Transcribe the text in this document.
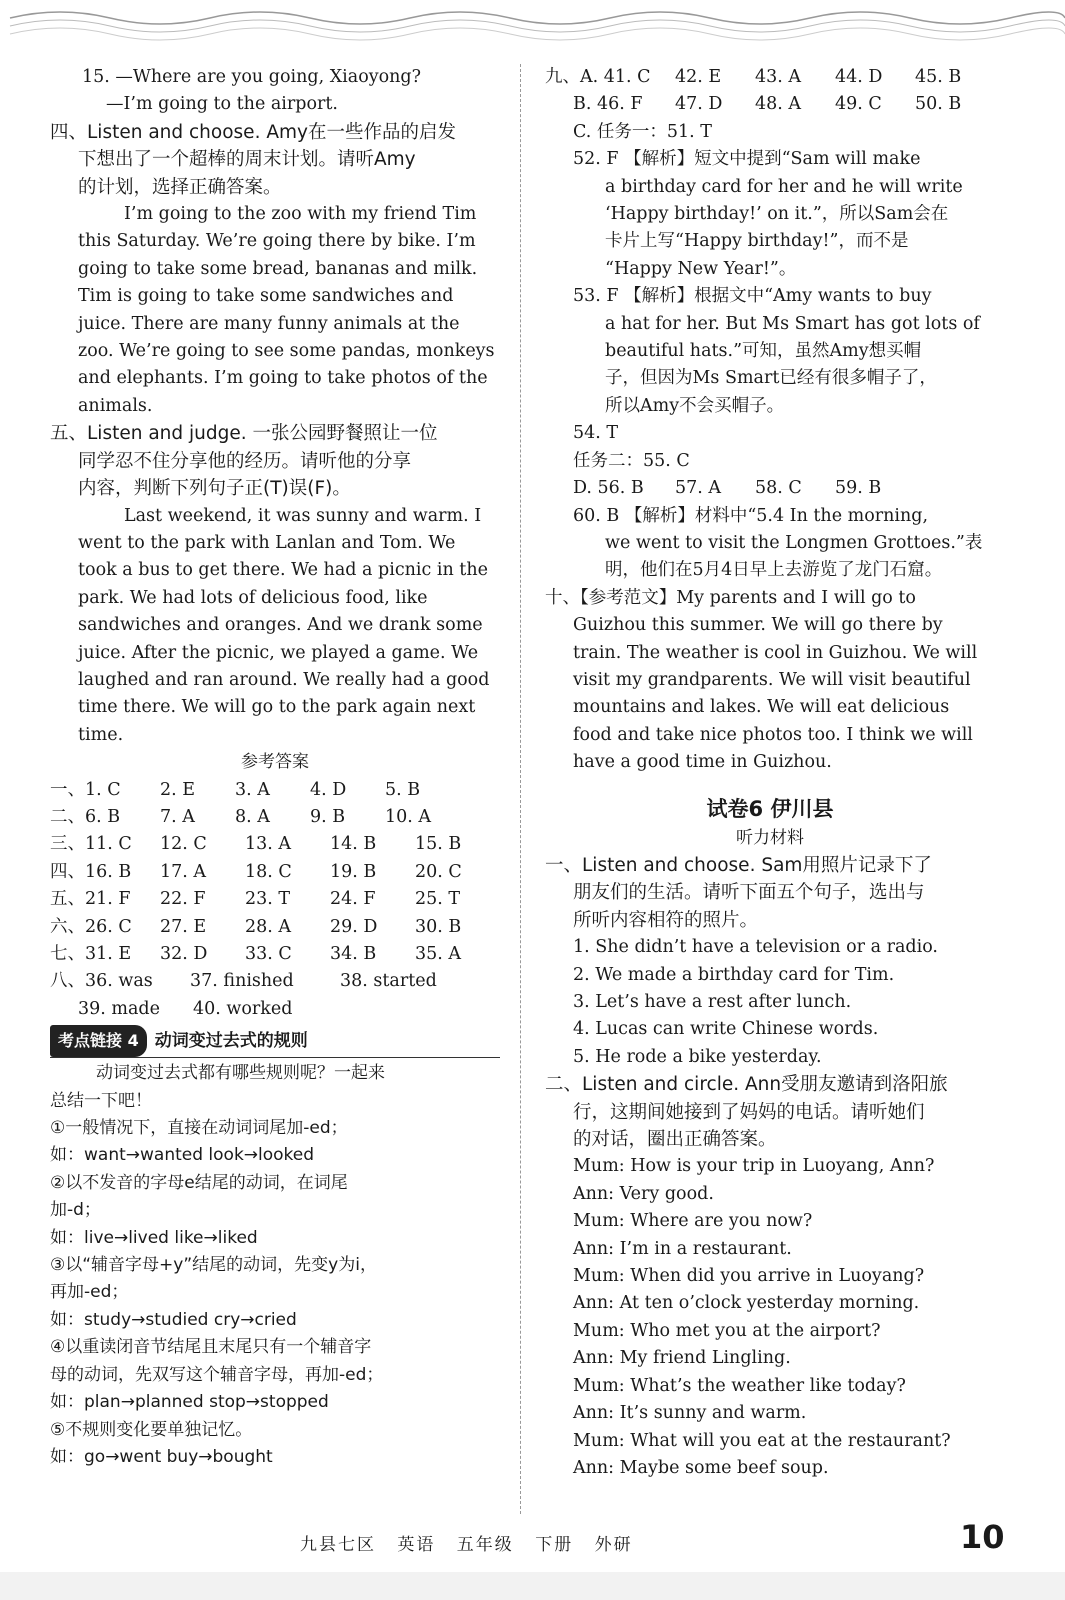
15. —Where are you going, Xiaoyong?
—I’m going to the airport.
四、Listen and choose. Amy在一些作品的启发
下想出了一个超棒的周末计划。请听Amy
的计划，选择正确答案。
I’m going to the zoo with my friend Tim
this Saturday. We’re going there by bike. I’m
going to take some bread, bananas and milk.
Tim is going to take some sandwiches and
juice. There are many funny animals at the
zoo. We’re going to see some pandas, monkeys
and elephants. I’m going to take photos of the
animals.
五、Listen and judge. 一张公园野餐照让一位
同学忍不住分享他的经历。请听他的分享
内容，判断下列句子正(T)误(F)。
Last weekend, it was sunny and warm. I
went to the park with Lanlan and Tom. We
took a bus to get there. We had a picnic in the
park. We had lots of delicious food, like
sandwiches and oranges. And we drank some
juice. After the picnic, we played a game. We
laughed and ran around. We really had a good
time there. We will go to the park again next
time.
参考答案
一、1. C	2. E	3. A	4. D	5. B
二、6. B	7. A	8. A	9. B	10. A
三、11. C	12. C	13. A	14. B	15. B
四、16. B	17. A	18. C	19. B	20. C
五、21. F	22. F	23. T	24. F	25. T
六、26. C	27. E	28. A	29. D	30. B
七、31. E	32. D	33. C	34. B	35. A
八、36. was	37. finished	38. started
39. made	40. worked
考点链接 4 动词变过去式的规则
动词变过去式都有哪些规则呢？一起来
总结一下吧！
①一般情况下，直接在动词词尾加-ed；
如：want→wanted look→looked
②以不发音的字母e结尾的动词，在词尾
加-d；
如：live→lived like→liked
③以“辅音字母+y”结尾的动词，先变y为i，
再加-ed；
如：study→studied cry→cried
④以重读闭音节结尾且末尾只有一个辅音字
母的动词，先双写这个辅音字母，再加-ed；
如：plan→planned stop→stopped
⑤不规则变化要单独记忆。
如：go→went buy→bought
九、A. 41. C 42. E	43. A	44. D	45. B
B. 46. F	47. D	48. A	49. C	50. B
C. 任务一：51. T
52. F 【解析】短文中提到“Sam will make
a birthday card for her and he will write
‘Happy birthday!’ on it.”，所以Sam会在
卡片上写“Happy birthday!”，而不是
“Happy New Year!”。
53. F 【解析】根据文中“Amy wants to buy
a hat for her. But Ms Smart has got lots of
beautiful hats.”可知，虽然Amy想买帽
子，但因为Ms Smart已经有很多帽子了，
所以Amy不会买帽子。
54. T
任务二：55. C
D. 56. B	57. A	58. C	59. B
60. B 【解析】材料中“5.4 In the morning,
we went to visit the Longmen Grottoes.”表
明，他们在5月4日早上去游览了龙门石窟。
十、【参考范文】My parents and I will go to
Guizhou this summer. We will go there by
train. The weather is cool in Guizhou. We will
visit my grandparents. We will visit beautiful
mountains and lakes. We will eat delicious
food and take nice photos too. I think we will
have a good time in Guizhou.
试卷6 伊川县
听力材料
一、Listen and choose. Sam用照片记录下了
朋友们的生活。请听下面五个句子，选出与
所听内容相符的照片。
1. She didn’t have a television or a radio.
2. We made a birthday card for Tim.
3. Let’s have a rest after lunch.
4. Lucas can write Chinese words.
5. He rode a bike yesterday.
二、Listen and circle. Ann受朋友邀请到洛阳旅
行，这期间她接到了妈妈的电话。请听她们
的对话，圈出正确答案。
Mum: How is your trip in Luoyang, Ann?
Ann: Very good.
Mum: Where are you now?
Ann: I’m in a restaurant.
Mum: When did you arrive in Luoyang?
Ann: At ten o’clock yesterday morning.
Mum: Who met you at the airport?
Ann: My friend Lingling.
Mum: What’s the weather like today?
Ann: It’s sunny and warm.
Mum: What will you eat at the restaurant?
Ann: Maybe some beef soup.
九县七区 英语 五年级 下册 外研	10
